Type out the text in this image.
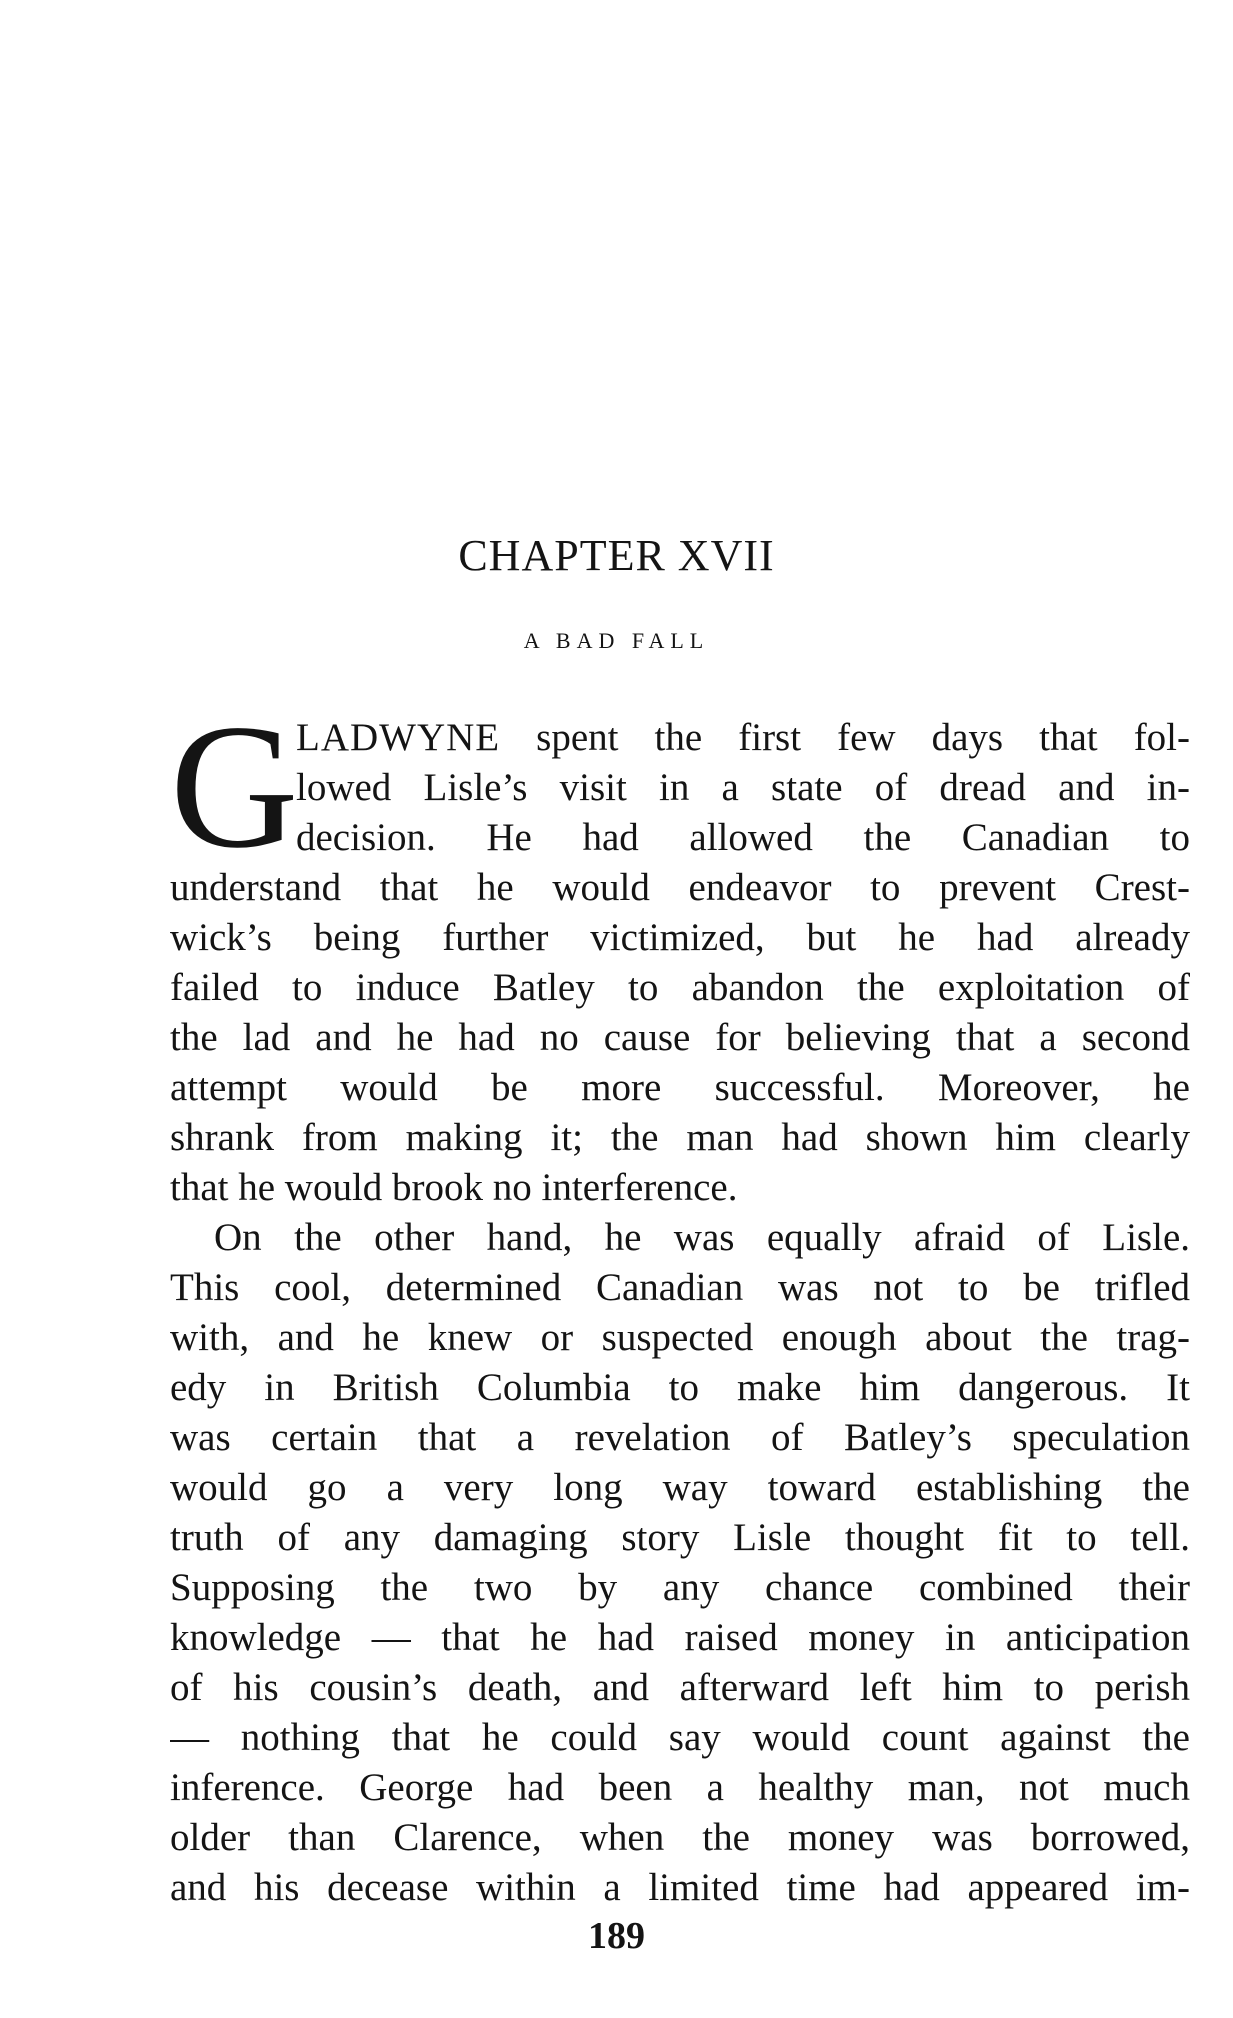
CHAPTER XVII
A BAD FALL
G
LADWYNE spent the first few days that fol-
lowed Lisle’s visit in a state of dread and in-
decision. He had allowed the Canadian to
understand that he would endeavor to prevent Crest-
wick’s being further victimized, but he had already
failed to induce Batley to abandon the exploitation of
the lad and he had no cause for believing that a second
attempt would be more successful. Moreover, he
shrank from making it; the man had shown him clearly
that he would brook no interference.
On the other hand, he was equally afraid of Lisle.
This cool, determined Canadian was not to be trifled
with, and he knew or suspected enough about the trag-
edy in British Columbia to make him dangerous. It
was certain that a revelation of Batley’s speculation
would go a very long way toward establishing the
truth of any damaging story Lisle thought fit to tell.
Supposing the two by any chance combined their
knowledge — that he had raised money in anticipation
of his cousin’s death, and afterward left him to perish
— nothing that he could say would count against the
inference. George had been a healthy man, not much
older than Clarence, when the money was borrowed,
and his decease within a limited time had appeared im-
189
